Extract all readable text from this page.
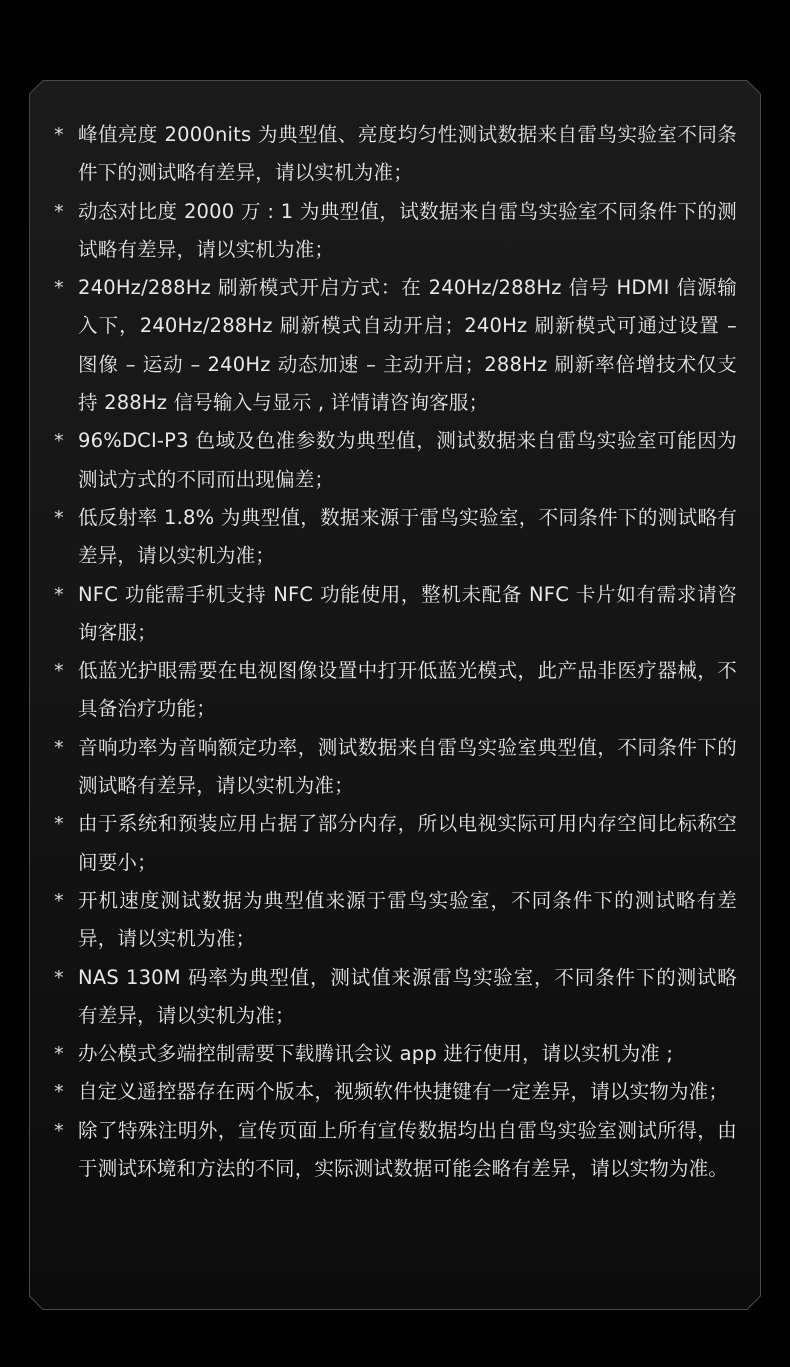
* 峰值亮度 2000nits 为典型值、亮度均匀性测试数据来自雷鸟实验室不同条件下的测试略有差异，请以实机为准；
* 动态对比度 2000 万 : 1 为典型值，试数据来自雷鸟实验室不同条件下的测试略有差异，请以实机为准；
* 240Hz/288Hz 刷新模式开启方式：在 240Hz/288Hz 信号 HDMI 信源输入下，240Hz/288Hz 刷新模式自动开启；240Hz 刷新模式可通过设置 – 图像 – 运动 – 240Hz 动态加速 – 主动开启；288Hz 刷新率倍增技术仅支持 288Hz 信号输入与显示 , 详情请咨询客服；
* 96%DCI-P3 色域及色准参数为典型值，测试数据来自雷鸟实验室可能因为测试方式的不同而出现偏差；
* 低反射率 1.8% 为典型值，数据来源于雷鸟实验室，不同条件下的测试略有差异，请以实机为准；
* NFC 功能需手机支持 NFC 功能使用，整机未配备 NFC 卡片如有需求请咨询客服；
* 低蓝光护眼需要在电视图像设置中打开低蓝光模式，此产品非医疗器械，不具备治疗功能；
* 音响功率为音响额定功率，测试数据来自雷鸟实验室典型值，不同条件下的测试略有差异，请以实机为准；
* 由于系统和预装应用占据了部分内存，所以电视实际可用内存空间比标称空间要小；
* 开机速度测试数据为典型值来源于雷鸟实验室，不同条件下的测试略有差异，请以实机为准；
* NAS 130M 码率为典型值，测试值来源雷鸟实验室，不同条件下的测试略有差异，请以实机为准；
* 办公模式多端控制需要下载腾讯会议 app 进行使用，请以实机为准 ;
* 自定义遥控器存在两个版本，视频软件快捷键有一定差异，请以实物为准；
* 除了特殊注明外，宣传页面上所有宣传数据均出自雷鸟实验室测试所得，由于测试环境和方法的不同，实际测试数据可能会略有差异，请以实物为准。
